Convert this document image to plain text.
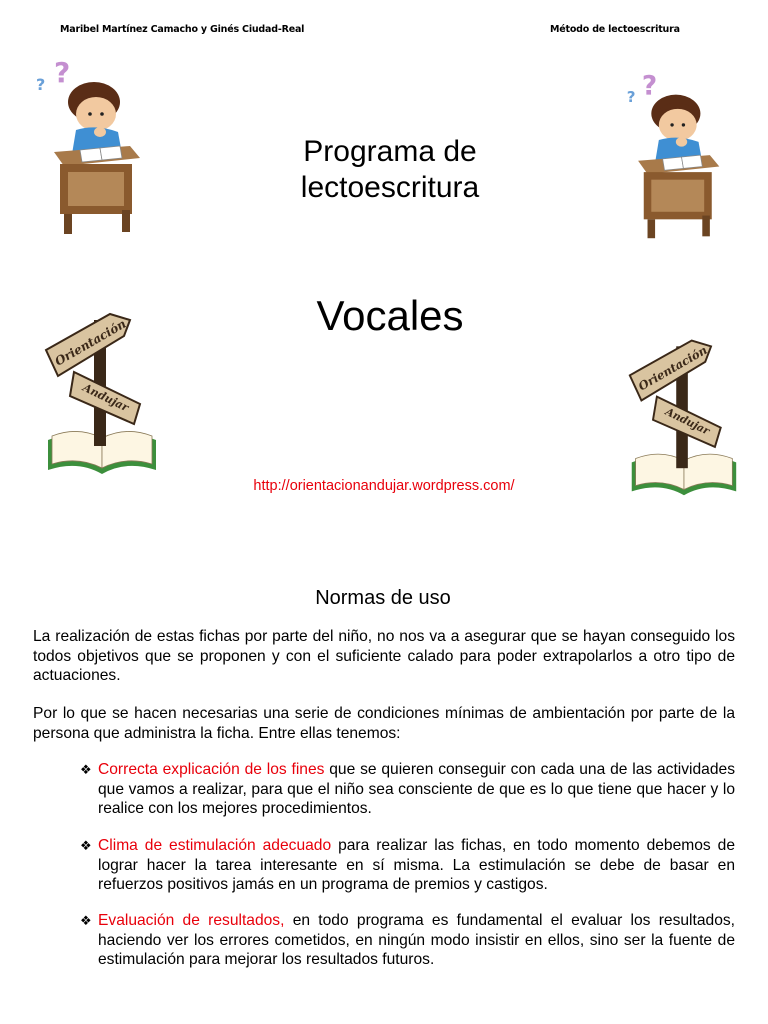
Maribel Martínez Camacho y Ginés Ciudad-Real	Método de lectoescritura
? ?
? ?
Orientación
Andujar
Orientación
Andujar
Programa de
lectoescritura
Vocales
http://orientacionandujar.wordpress.com/
Normas de uso
La realización de estas fichas por parte del niño, no nos va a asegurar que se hayan conseguido los todos objetivos que se proponen y con el suficiente calado para poder extrapolarlos a otro tipo de actuaciones.
Por lo que se hacen necesarias una serie de condiciones mínimas de ambientación por parte de la persona que administra la ficha. Entre ellas tenemos:
❖ Correcta explicación de los fines que se quieren conseguir con cada una de las actividades que vamos a realizar, para que el niño sea consciente de que es lo que tiene que hacer y lo realice con los mejores procedimientos.
❖ Clima de estimulación adecuado para realizar las fichas, en todo momento debemos de lograr hacer la tarea interesante en sí misma. La estimulación se debe de basar en refuerzos positivos jamás en un programa de premios y castigos.
❖ Evaluación de resultados, en todo programa es fundamental el evaluar los resultados, haciendo ver los errores cometidos, en ningún modo insistir en ellos, sino ser la fuente de estimulación para mejorar los resultados futuros.
